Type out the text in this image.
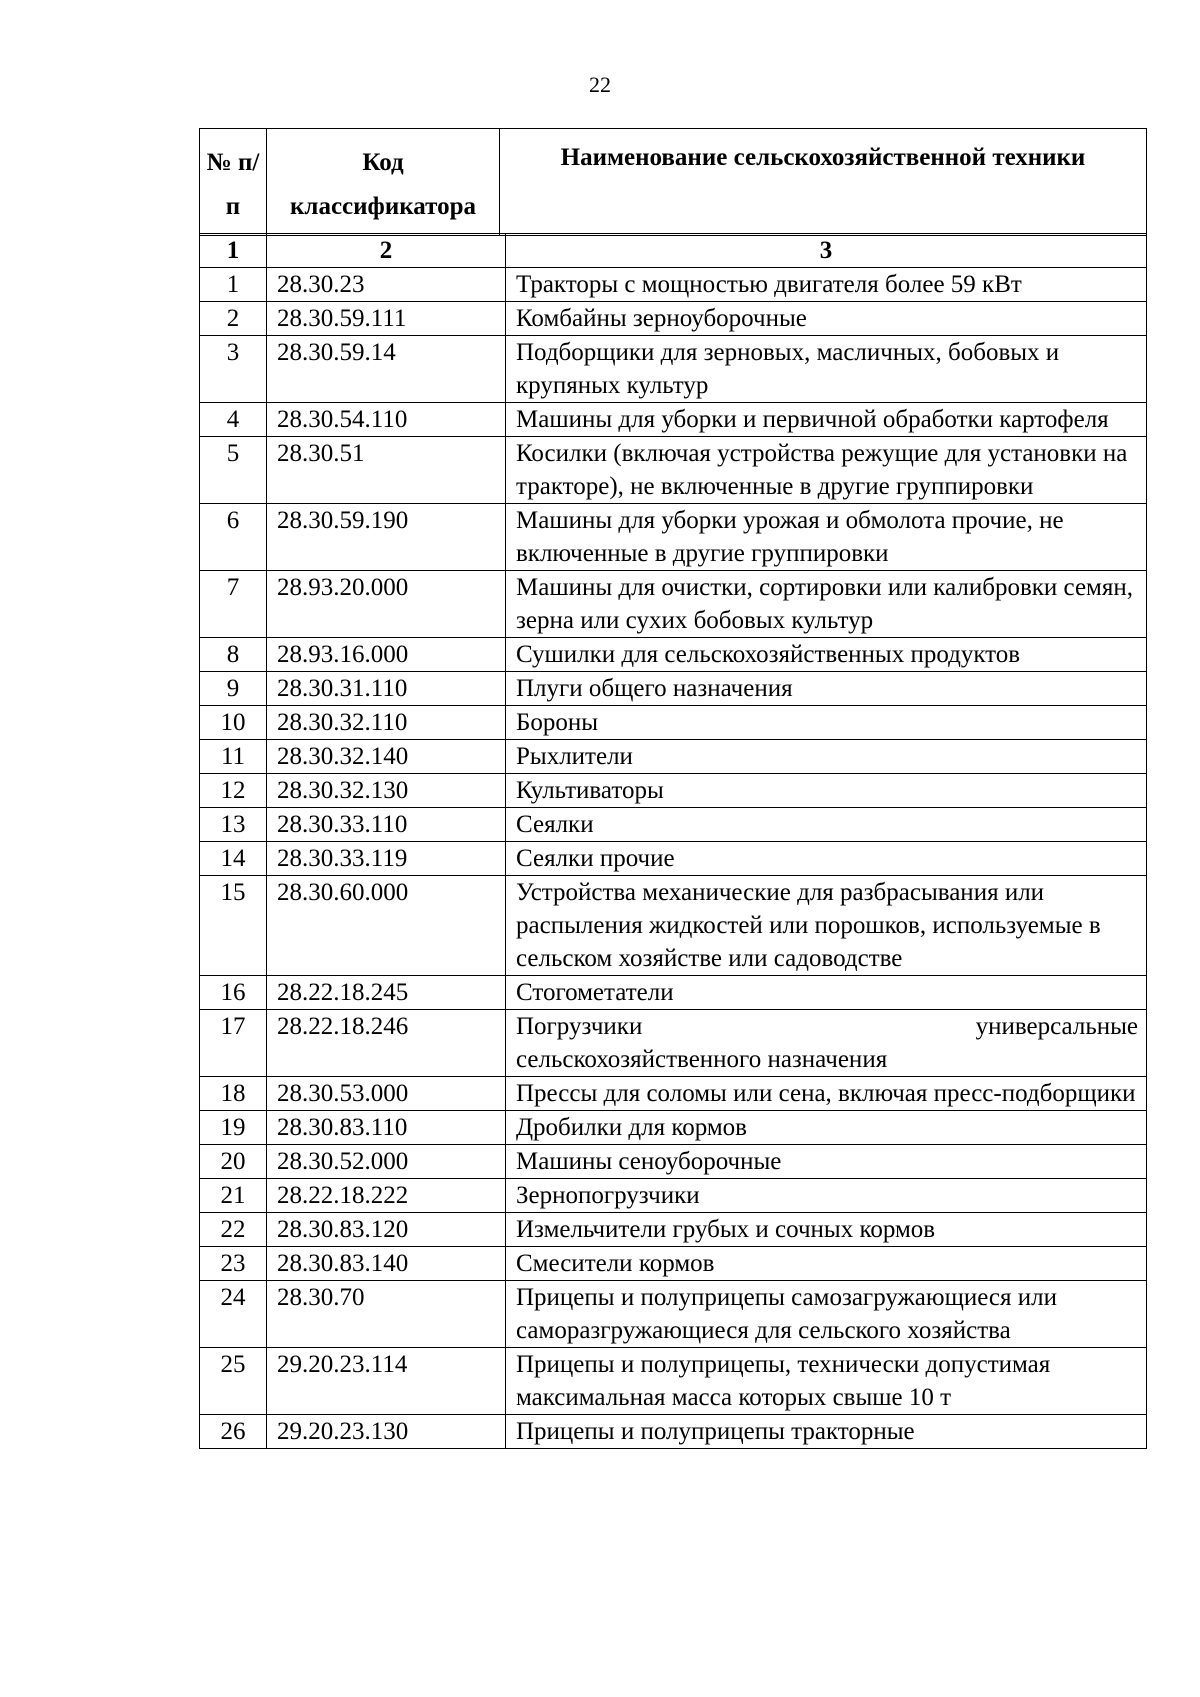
22
№ п/п	Код классификатора	Наименование сельскохозяйственной техники
1	2	3
1	28.30.23	Тракторы с мощностью двигателя более 59 кВт
2	28.30.59.111	Комбайны зерноуборочные
3	28.30.59.14	Подборщики для зерновых, масличных, бобовых и крупяных культур
4	28.30.54.110	Машины для уборки и первичной обработки картофеля
5	28.30.51	Косилки (включая устройства режущие для установки на тракторе), не включенные в другие группировки
6	28.30.59.190	Машины для уборки урожая и обмолота прочие, не включенные в другие группировки
7	28.93.20.000	Машины для очистки, сортировки или калибровки семян, зерна или сухих бобовых культур
8	28.93.16.000	Сушилки для сельскохозяйственных продуктов
9	28.30.31.110	Плуги общего назначения
10	28.30.32.110	Бороны
11	28.30.32.140	Рыхлители
12	28.30.32.130	Культиваторы
13	28.30.33.110	Сеялки
14	28.30.33.119	Сеялки прочие
15	28.30.60.000	Устройства механические для разбрасывания или распыления жидкостей или порошков, используемые в сельском хозяйстве или садоводстве
16	28.22.18.245	Стогометатели
17	28.22.18.246	Погрузчики универсальные
сельскохозяйственного назначения

18	28.30.53.000	Прессы для соломы или сена, включая пресс-подборщики
19	28.30.83.110	Дробилки для кормов
20	28.30.52.000	Машины сеноуборочные
21	28.22.18.222	Зернопогрузчики
22	28.30.83.120	Измельчители грубых и сочных кормов
23	28.30.83.140	Смесители кормов
24	28.30.70	Прицепы и полуприцепы самозагружающиеся или саморазгружающиеся для сельского хозяйства
25	29.20.23.114	Прицепы и полуприцепы, технически допустимая максимальная масса которых свыше 10 т
26	29.20.23.130	Прицепы и полуприцепы тракторные
